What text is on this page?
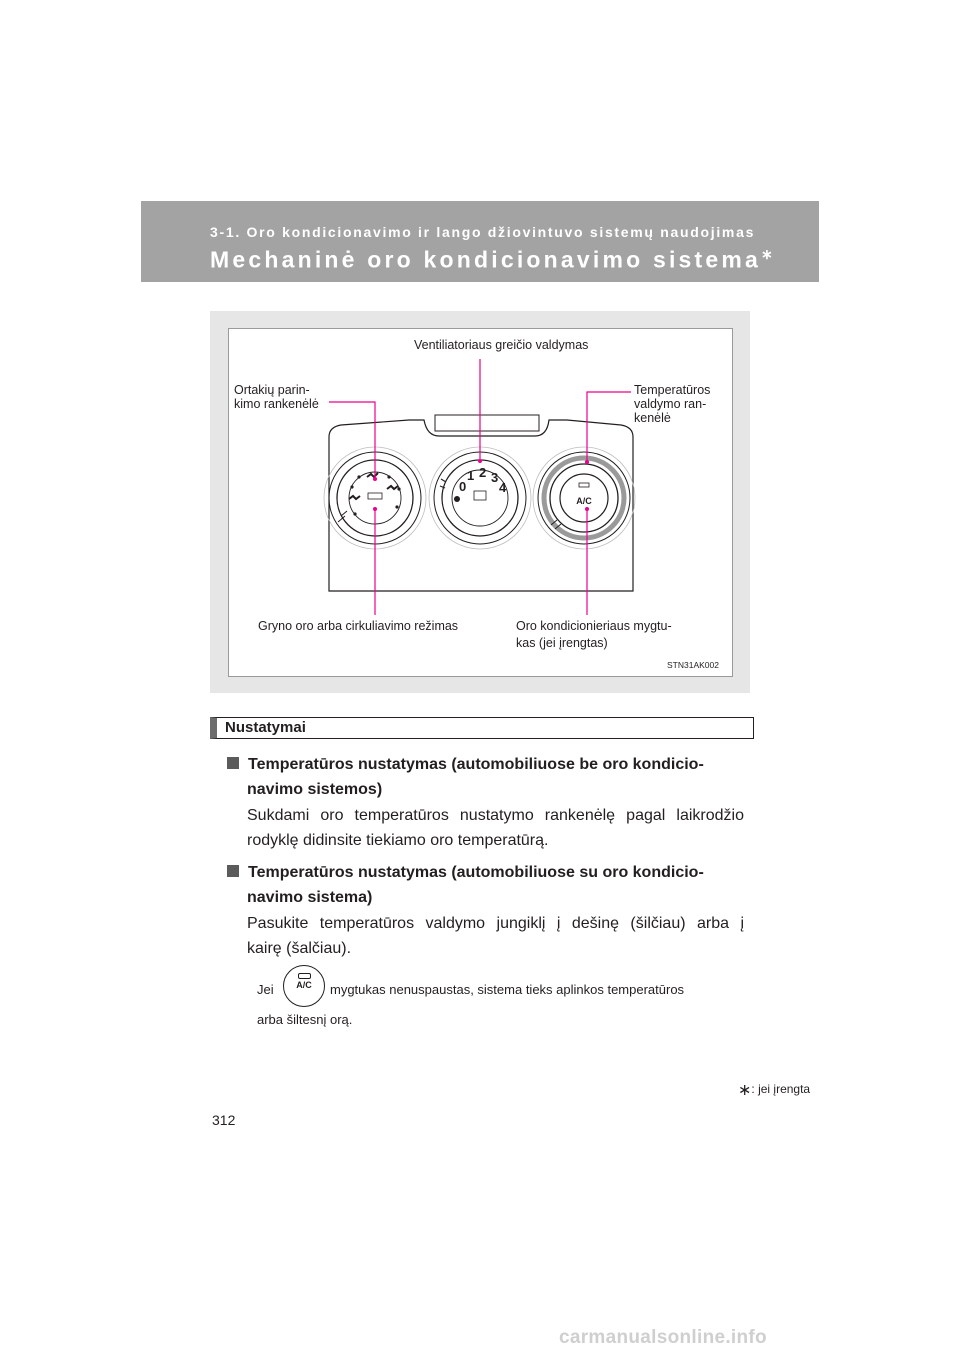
3-1. Oro kondicionavimo ir lango džiovintuvo sistemų naudojimas
Mechaninė oro kondicionavimo sistema∗
0
1 2 3
4
A/C
Ventiliatoriaus greičio valdymas
Ortakių parin-
kimo rankenėlė
Temperatūros
valdymo ran-
kenėlė
Gryno oro arba cirkuliavimo režimas	Oro kondicionieriaus mygtu-
kas (jei įrengtas)
STN31AK002
Nustatymai
Temperatūros nustatymas (automobiliuose be oro kondicio-
navimo sistemos)
Sukdami oro temperatūros nustatymo rankenėlę pagal laikrodžio
rodyklę didinsite tiekiamo oro temperatūrą.
Temperatūros nustatymas (automobiliuose su oro kondicio-
navimo sistema)
Pasukite temperatūros valdymo jungiklį į dešinę (šilčiau) arba į
kairę (šalčiau).
Jei	A/C	mygtukas nenuspaustas, sistema tieks aplinkos temperatūros
arba šiltesnį orą.
∗: jei įrengta
312
carmanualsonline.info
